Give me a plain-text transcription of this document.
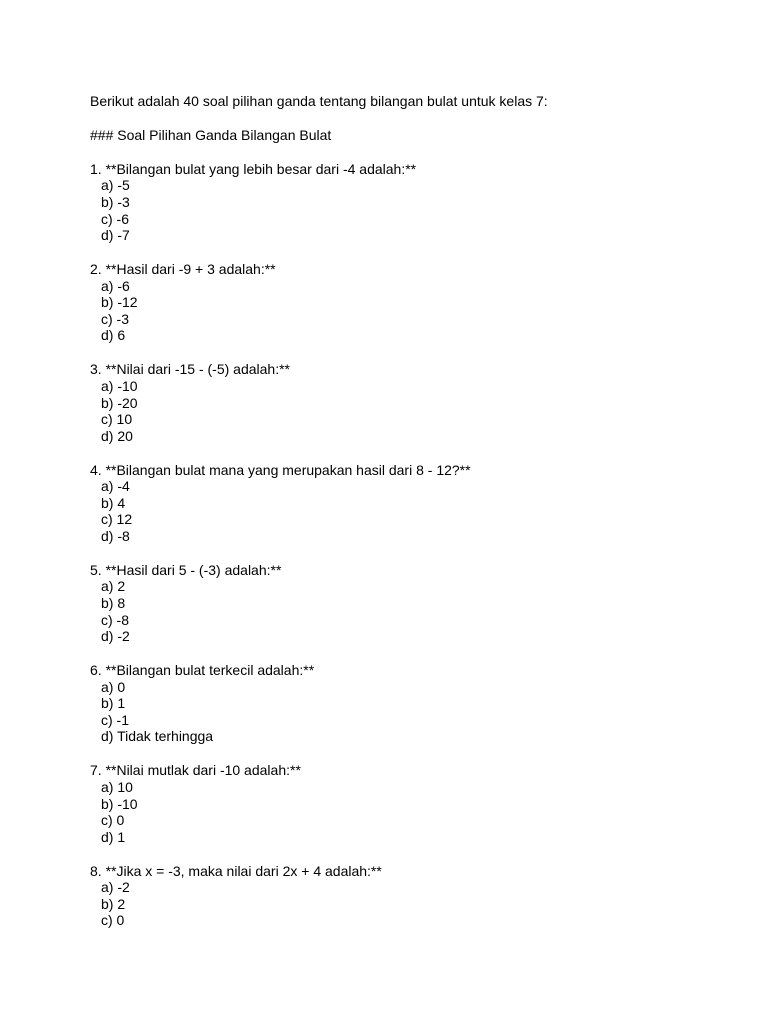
Berikut adalah 40 soal pilihan ganda tentang bilangan bulat untuk kelas 7:
### Soal Pilihan Ganda Bilangan Bulat
1. **Bilangan bulat yang lebih besar dari -4 adalah:**
a) -5
b) -3
c) -6
d) -7
2. **Hasil dari -9 + 3 adalah:**
a) -6
b) -12
c) -3
d) 6
3. **Nilai dari -15 - (-5) adalah:**
a) -10
b) -20
c) 10
d) 20
4. **Bilangan bulat mana yang merupakan hasil dari 8 - 12?**
a) -4
b) 4
c) 12
d) -8
5. **Hasil dari 5 - (-3) adalah:**
a) 2
b) 8
c) -8
d) -2
6. **Bilangan bulat terkecil adalah:**
a) 0
b) 1
c) -1
d) Tidak terhingga
7. **Nilai mutlak dari -10 adalah:**
a) 10
b) -10
c) 0
d) 1
8. **Jika x = -3, maka nilai dari 2x + 4 adalah:**
a) -2
b) 2
c) 0
